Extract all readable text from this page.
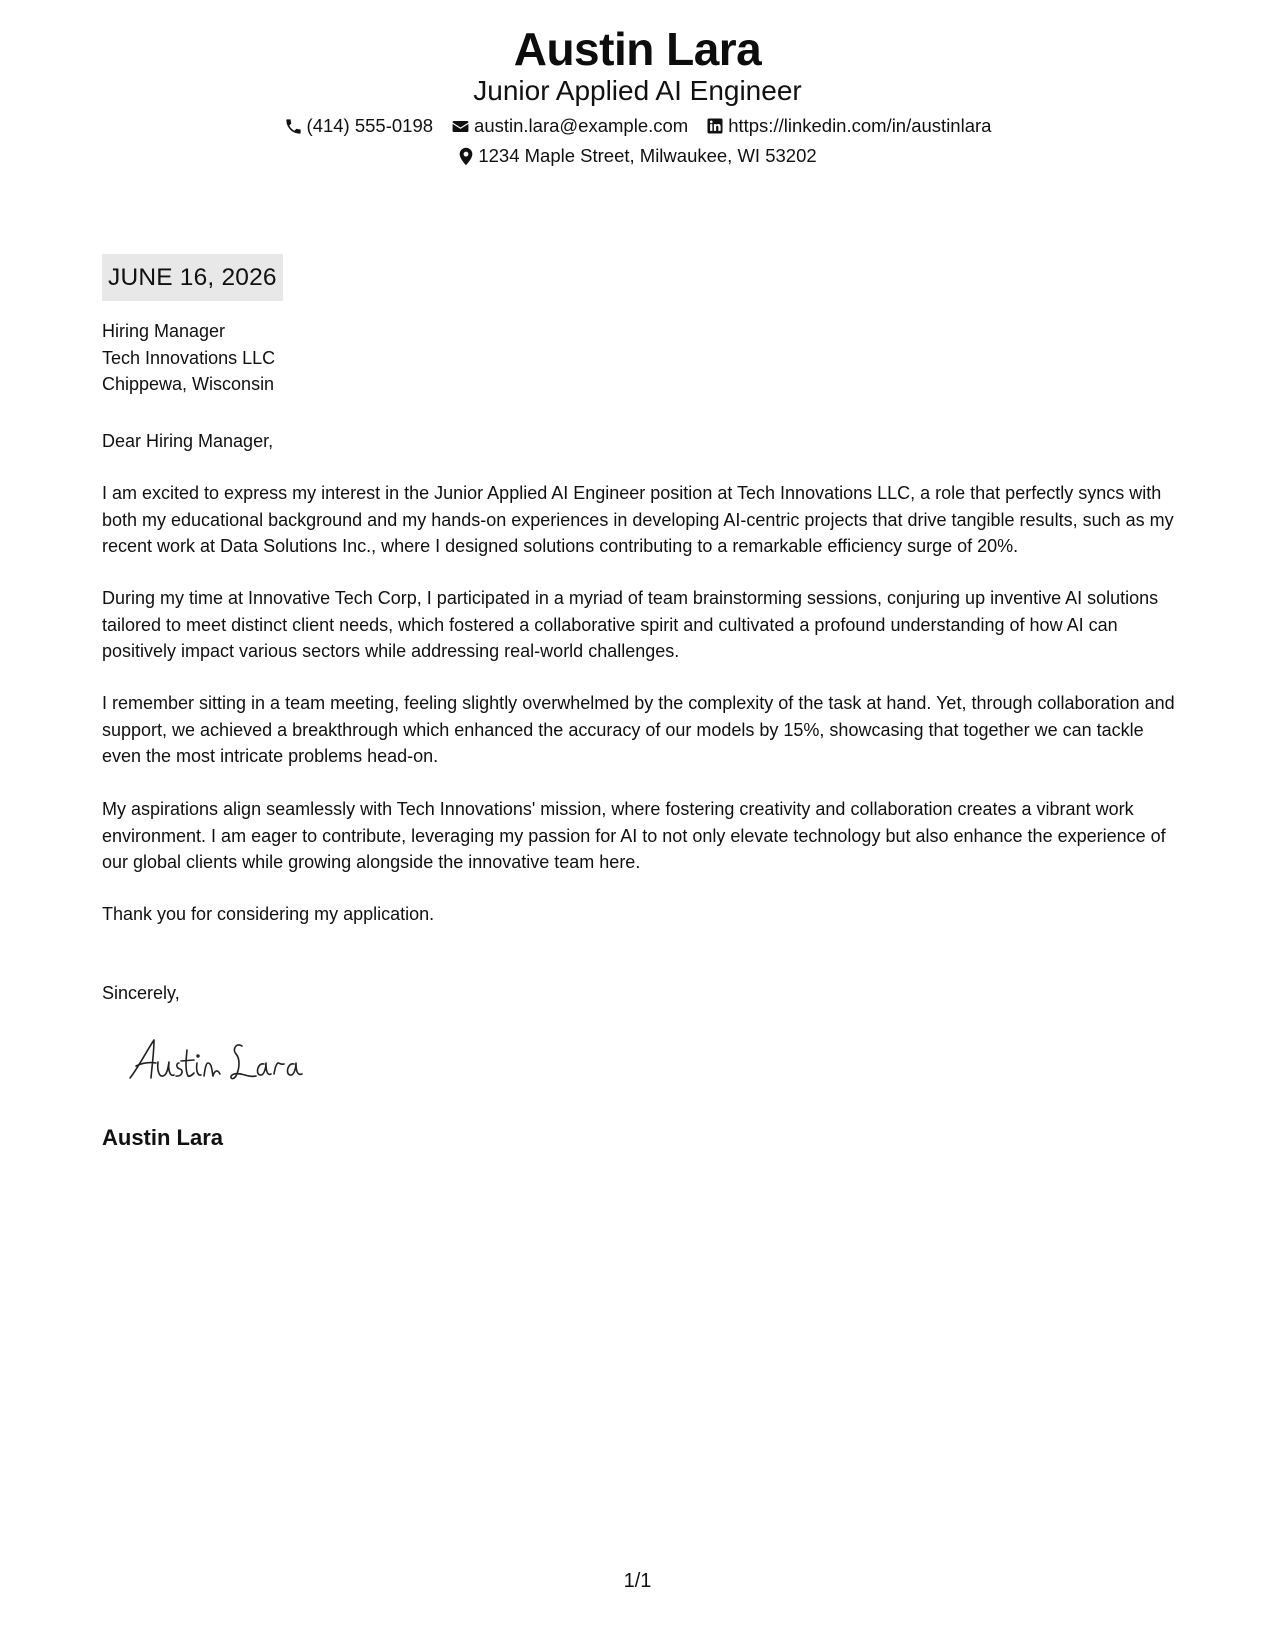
Austin Lara
Junior Applied AI Engineer
(414) 555-0198 austin.lara@example.com https://linkedin.com/in/austinlara
1234 Maple Street, Milwaukee, WI 53202
JUNE 16, 2026
Hiring Manager
Tech Innovations LLC
Chippewa, Wisconsin
Dear Hiring Manager,

I am excited to express my interest in the Junior Applied AI Engineer position at Tech Innovations LLC, a role that perfectly syncs with both my educational background and my hands-on experiences in developing AI-centric projects that drive tangible results, such as my recent work at Data Solutions Inc., where I designed solutions contributing to a remarkable efficiency surge of 20%.

During my time at Innovative Tech Corp, I participated in a myriad of team brainstorming sessions, conjuring up inventive AI solutions tailored to meet distinct client needs, which fostered a collaborative spirit and cultivated a profound understanding of how AI can positively impact various sectors while addressing real-world challenges.

I remember sitting in a team meeting, feeling slightly overwhelmed by the complexity of the task at hand. Yet, through collaboration and support, we achieved a breakthrough which enhanced the accuracy of our models by 15%, showcasing that together we can tackle even the most intricate problems head-on.

My aspirations align seamlessly with Tech Innovations' mission, where fostering creativity and collaboration creates a vibrant work environment. I am eager to contribute, leveraging my passion for AI to not only elevate technology but also enhance the experience of our global clients while growing alongside the innovative team here.

Thank you for considering my application.
Sincerely,
Austin Lara
1/1
